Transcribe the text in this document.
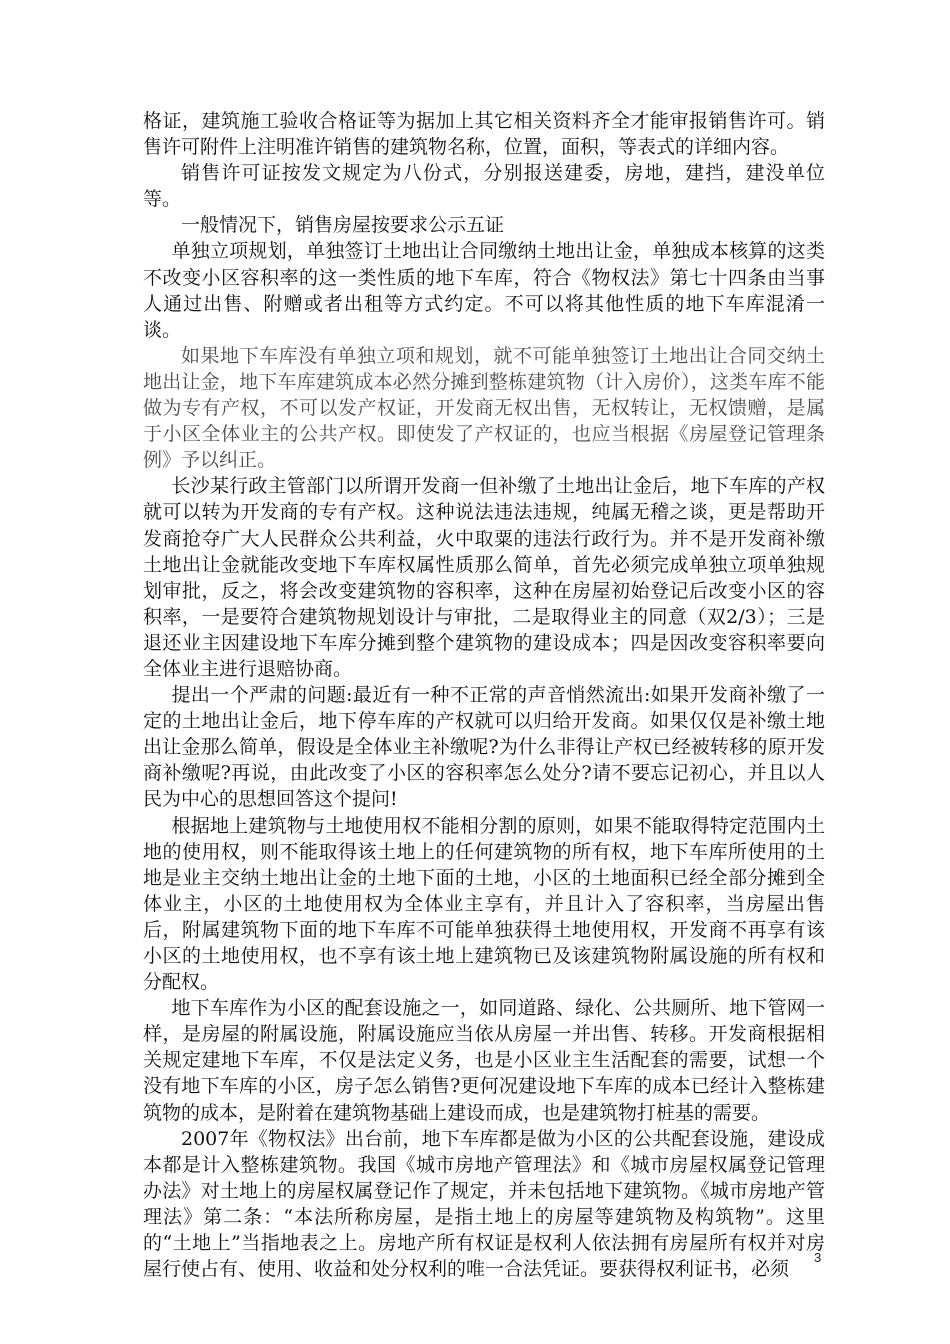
格证，建筑施工验收合格证等为据加上其它相关资料齐全才能审报销售许可。销售许可附件上注明准许销售的建筑物名称，位置，面积，等表式的详细内容。

销售许可证按发文规定为八份式，分别报送建委，房地，建挡，建没单位等。

一般情况下，销售房屋按要求公示五证

单独立项规划，单独签订土地出让合同缴纳土地出让金，单独成本核算的这类不改变小区容积率的这一类性质的地下车库，符合《物权法》第七十四条由当事人通过出售、附赠或者出租等方式约定。不可以将其他性质的地下车库混淆一谈。

如果地下车库没有单独立项和规划，就不可能单独签订土地出让合同交纳土地出让金，地下车库建筑成本必然分摊到整栋建筑物（计入房价），这类车库不能做为专有产权，不可以发产权证，开发商无权出售，无权转让，无权馈赠，是属于小区全体业主的公共产权。即使发了产权证的，也应当根据《房屋登记管理条例》予以纠正。

长沙某行政主管部门以所谓开发商一但补缴了土地出让金后，地下车库的产权就可以转为开发商的专有产权。这种说法违法违规，纯属无稽之谈，更是帮助开发商抢夺广大人民群众公共利益，火中取粟的违法行政行为。并不是开发商补缴土地出让金就能改变地下车库权属性质那么简单，首先必须完成单独立项单独规划审批，反之，将会改变建筑物的容积率，这种在房屋初始登记后改变小区的容积率，一是要符合建筑物规划设计与审批，二是取得业主的同意（双2/3）；三是退还业主因建设地下车库分摊到整个建筑物的建设成本；四是因改变容积率要向全体业主进行退赔协商。

提出一个严肃的问题:最近有一种不正常的声音悄然流出:如果开发商补缴了一定的土地出让金后，地下停车库的产权就可以归给开发商。如果仅仅是补缴土地出让金那么简单，假设是全体业主补缴呢?为什么非得让产权已经被转移的原开发商补缴呢?再说，由此改变了小区的容积率怎么处分?请不要忘记初心，并且以人民为中心的思想回答这个提问!

根据地上建筑物与土地使用权不能相分割的原则，如果不能取得特定范围内土地的使用权，则不能取得该土地上的任何建筑物的所有权，地下车库所使用的土地是业主交纳土地出让金的土地下面的土地，小区的土地面积已经全部分摊到全体业主，小区的土地使用权为全体业主享有，并且计入了容积率，当房屋出售后，附属建筑物下面的地下车库不可能单独获得土地使用权，开发商不再享有该小区的土地使用权，也不享有该土地上建筑物已及该建筑物附属设施的所有权和分配权。

地下车库作为小区的配套设施之一，如同道路、绿化、公共厕所、地下管网一样，是房屋的附属设施，附属设施应当依从房屋一并出售、转移。开发商根据相关规定建地下车库，不仅是法定义务，也是小区业主生活配套的需要，试想一个没有地下车库的小区，房子怎么销售?更何况建设地下车库的成本已经计入整栋建筑物的成本，是附着在建筑物基础上建设而成，也是建筑物打桩基的需要。

2007年《物权法》出台前，地下车库都是做为小区的公共配套设施，建设成本都是计入整栋建筑物。我国《城市房地产管理法》和《城市房屋权属登记管理办法》对土地上的房屋权属登记作了规定，并未包括地下建筑物。《城市房地产管理法》第二条：“本法所称房屋，是指土地上的房屋等建筑物及构筑物”。这里的“土地上”当指地表之上。房地产所有权证是权利人依法拥有房屋所有权并对房屋行使占有、使用、收益和处分权利的唯一合法凭证。要获得权利证书，必须

3
